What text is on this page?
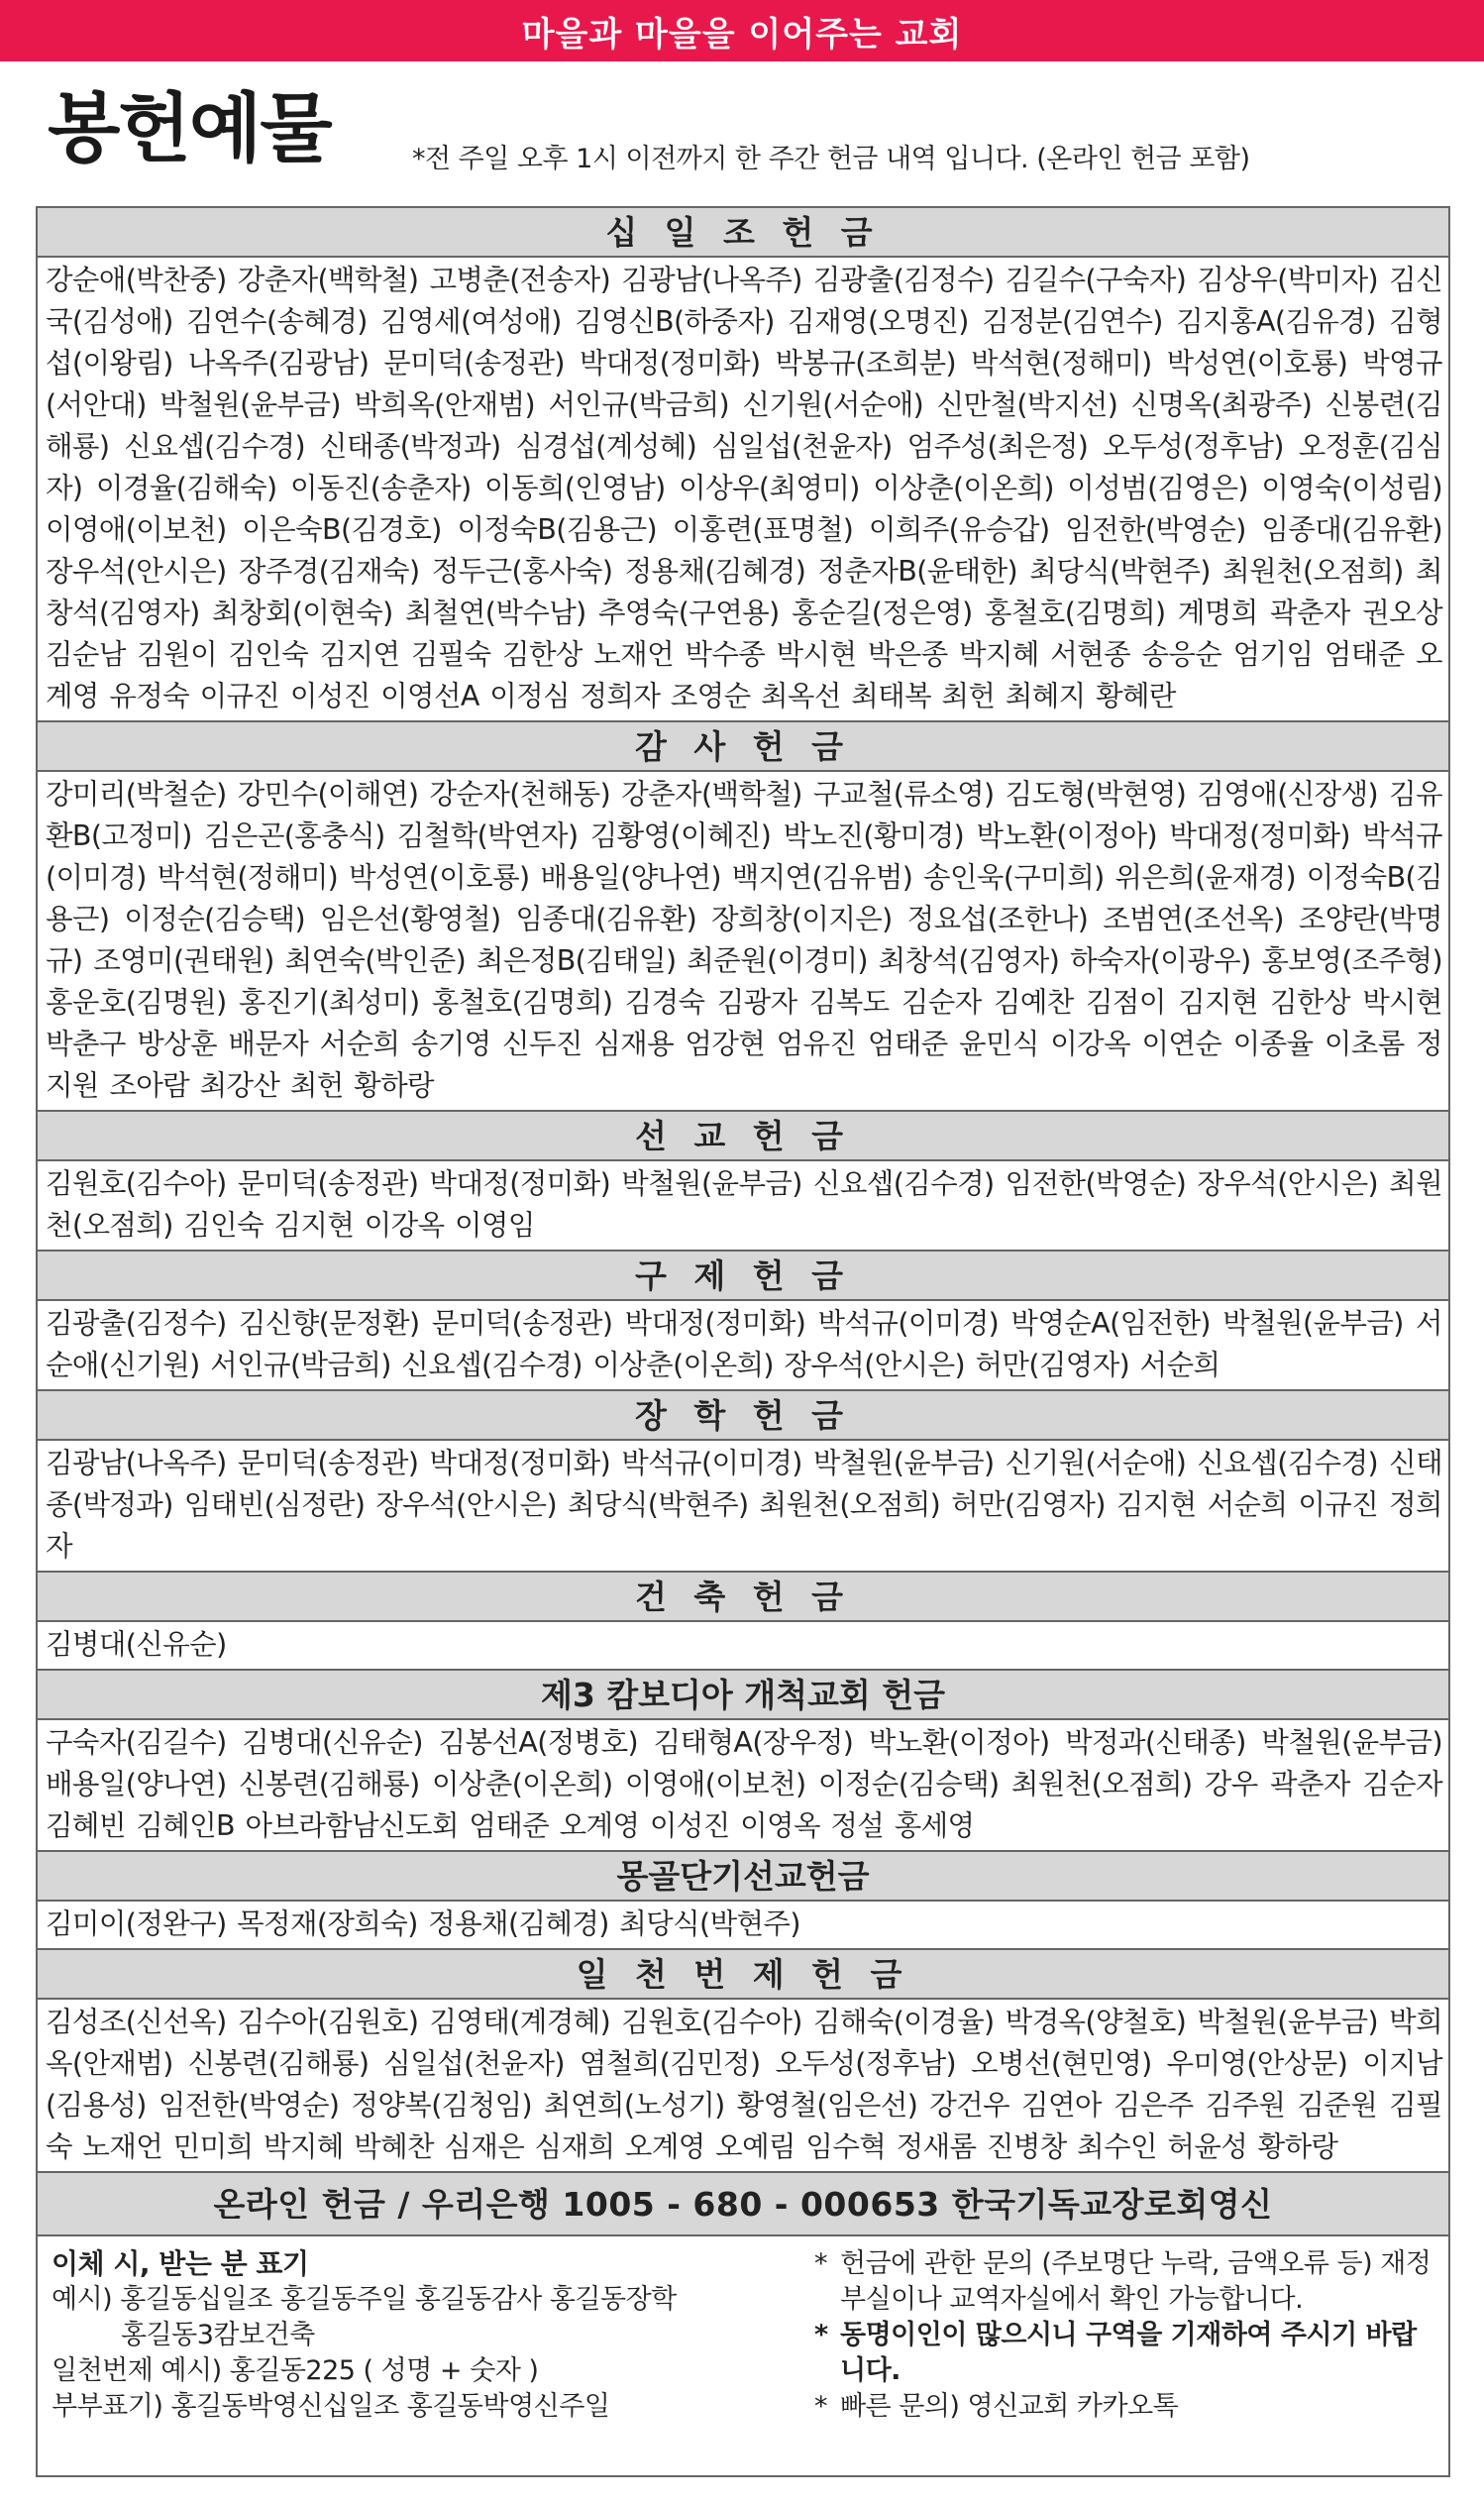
마을과 마을을 이어주는 교회
봉헌예물	*전 주일 오후 1시 이전까지 한 주간 헌금 내역 입니다. (온라인 헌금 포함)
십 일 조 헌 금
강순애(박찬중) 강춘자(백학철) 고병춘(전송자) 김광남(나옥주) 김광출(김정수) 김길수(구숙자) 김상우(박미자) 김신국(김성애) 김연수(송혜경) 김영세(여성애) 김영신B(하중자) 김재영(오명진) 김정분(김연수) 김지홍A(김유경) 김형섭(이왕림) 나옥주(김광남) 문미덕(송정관) 박대정(정미화) 박봉규(조희분) 박석현(정해미) 박성연(이호룡) 박영규(서안대) 박철원(윤부금) 박희옥(안재범) 서인규(박금희) 신기원(서순애) 신만철(박지선) 신명옥(최광주) 신봉련(김해룡) 신요셉(김수경) 신태종(박정과) 심경섭(계성혜) 심일섭(천윤자) 엄주성(최은정) 오두성(정후남) 오정훈(김심자) 이경율(김해숙) 이동진(송춘자) 이동희(인영남) 이상우(최영미) 이상춘(이온희) 이성범(김영은) 이영숙(이성림) 이영애(이보천) 이은숙B(김경호) 이정숙B(김용근) 이홍련(표명철) 이희주(유승갑) 임전한(박영순) 임종대(김유환) 장우석(안시은) 장주경(김재숙) 정두근(홍사숙) 정용채(김혜경) 정춘자B(윤태한) 최당식(박현주) 최원천(오점희) 최창석(김영자) 최창회(이현숙) 최철연(박수남) 추영숙(구연용) 홍순길(정은영) 홍철호(김명희) 계명희 곽춘자 권오상 김순남 김원이 김인숙 김지연 김필숙 김한상 노재언 박수종 박시현 박은종 박지혜 서현종 송응순 엄기임 엄태준 오계영 유정숙 이규진 이성진 이영선A 이정심 정희자 조영순 최옥선 최태복 최헌 최혜지 황혜란
감 사 헌 금
강미리(박철순) 강민수(이해연) 강순자(천해동) 강춘자(백학철) 구교철(류소영) 김도형(박현영) 김영애(신장생) 김유환B(고정미) 김은곤(홍충식) 김철학(박연자) 김황영(이혜진) 박노진(황미경) 박노환(이정아) 박대정(정미화) 박석규(이미경) 박석현(정해미) 박성연(이호룡) 배용일(양나연) 백지연(김유범) 송인욱(구미희) 위은희(윤재경) 이정숙B(김용근) 이정순(김승택) 임은선(황영철) 임종대(김유환) 장희창(이지은) 정요섭(조한나) 조범연(조선옥) 조양란(박명규) 조영미(권태원) 최연숙(박인준) 최은정B(김태일) 최준원(이경미) 최창석(김영자) 하숙자(이광우) 홍보영(조주형) 홍운호(김명원) 홍진기(최성미) 홍철호(김명희) 김경숙 김광자 김복도 김순자 김예찬 김점이 김지현 김한상 박시현 박춘구 방상훈 배문자 서순희 송기영 신두진 심재용 엄강현 엄유진 엄태준 윤민식 이강옥 이연순 이종율 이초롬 정지원 조아람 최강산 최헌 황하랑
선 교 헌 금
김원호(김수아) 문미덕(송정관) 박대정(정미화) 박철원(윤부금) 신요셉(김수경) 임전한(박영순) 장우석(안시은) 최원천(오점희) 김인숙 김지현 이강옥 이영임
구 제 헌 금
김광출(김정수) 김신향(문정환) 문미덕(송정관) 박대정(정미화) 박석규(이미경) 박영순A(임전한) 박철원(윤부금) 서순애(신기원) 서인규(박금희) 신요셉(김수경) 이상춘(이온희) 장우석(안시은) 허만(김영자) 서순희
장 학 헌 금
김광남(나옥주) 문미덕(송정관) 박대정(정미화) 박석규(이미경) 박철원(윤부금) 신기원(서순애) 신요셉(김수경) 신태종(박정과) 임태빈(심정란) 장우석(안시은) 최당식(박현주) 최원천(오점희) 허만(김영자) 김지현 서순희 이규진 정희자
건 축 헌 금
김병대(신유순)
제3 캄보디아 개척교회 헌금
구숙자(김길수) 김병대(신유순) 김봉선A(정병호) 김태형A(장우정) 박노환(이정아) 박정과(신태종) 박철원(윤부금) 배용일(양나연) 신봉련(김해룡) 이상춘(이온희) 이영애(이보천) 이정순(김승택) 최원천(오점희) 강우 곽춘자 김순자 김혜빈 김혜인B 아브라함남신도회 엄태준 오계영 이성진 이영옥 정설 홍세영
몽골단기선교헌금
김미이(정완구) 목정재(장희숙) 정용채(김혜경) 최당식(박현주)
일 천 번 제 헌 금
김성조(신선옥) 김수아(김원호) 김영태(계경혜) 김원호(김수아) 김해숙(이경율) 박경옥(양철호) 박철원(윤부금) 박희옥(안재범) 신봉련(김해룡) 심일섭(천윤자) 염철희(김민정) 오두성(정후남) 오병선(현민영) 우미영(안상문) 이지남(김용성) 임전한(박영순) 정양복(김청임) 최연희(노성기) 황영철(임은선) 강건우 김연아 김은주 김주원 김준원 김필숙 노재언 민미희 박지혜 박혜찬 심재은 심재희 오계영 오예림 임수혁 정새롬 진병창 최수인 허윤성 황하랑
온라인 헌금 / 우리은행 1005 - 680 - 000653 한국기독교장로회영신
이체 시, 받는 분 표기
예시) 홍길동십일조 홍길동주일 홍길동감사 홍길동장학
홍길동3캄보건축
일천번제 예시) 홍길동225 ( 성명 + 숫자 )
부부표기) 홍길동박영신십일조 홍길동박영신주일
* 헌금에 관한 문의 (주보명단 누락, 금액오류 등) 재정부실이나 교역자실에서 확인 가능합니다.
* 동명이인이 많으시니 구역을 기재하여 주시기 바랍니다.
* 빠른 문의) 영신교회 카카오톡
